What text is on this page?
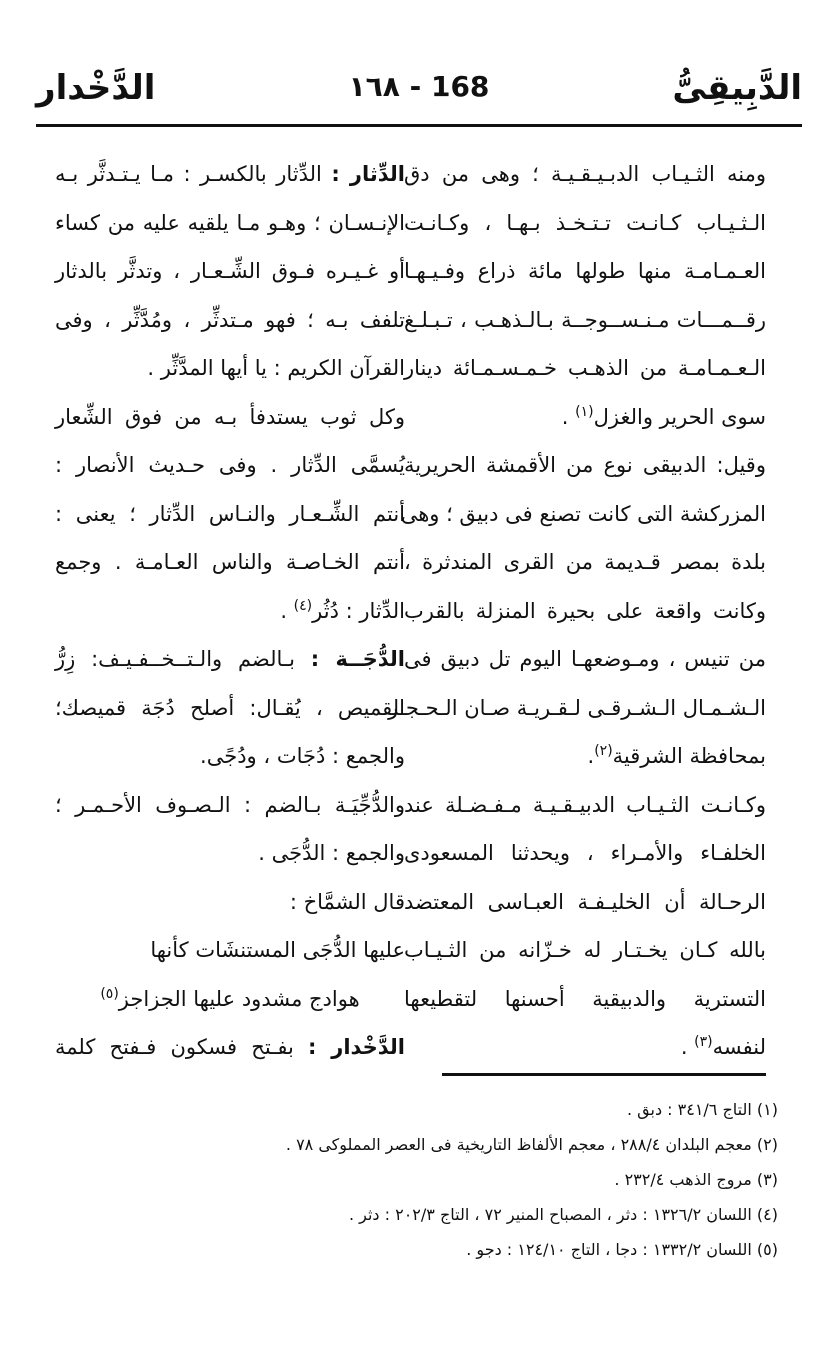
الدَّبِيقِىُّ
١٦٨ - 168
الدَّخْدار
ومنه الثـيـاب الدبـيـقـيـة ؛ وهى من دق
الـثـيـاب كـانـت تـتـخـذ بـهـا ، وكـانـت
العـمـامـة منها طولها مائة ذراع وفـيـهـا
رقــمـــات مـنـســوجــة بـالـذهـب ، تـبـلـغ
الـعـمـامـة من الذهـب خـمـسـمـائة دينار
سوى الحرير والغزل$^{(١)}$ .
وقيل: الدبيقى نوع من الأقمشة الحريرية
المزركشة التى كانت تصنع فى دبيق ؛ وهى
بلدة بمصر قـديمة من القرى المندثرة ،
وكانت واقعة على بحيرة المنزلة بالقرب
من تنيس ، ومـوضعهـا اليوم تل دبيق فى
الـشـمـال الـشـرقـى لـقـريـة صـان الـحـجـر
بمحافظة الشرقية$^{(٢)}$.
وكـانـت الثـيـاب الدبيـقـيـة مـفـضـلة عند
الخلفـاء والأمـراء ، ويحدثنا المسعودى
الرحـالة أن الخليـفـة العبـاسى المعتضد
بالله كـان يخـتـار له خـزّانه من الثـيـاب
التسترية والدبيقية أحسنها لتقطيعها
لنفسه$^{(٣)}$ .
الدِّثار : الدِّثار بالكسـر : مـا يـتـدثَّر بـه
الإنـسـان ؛ وهـو مـا يلقيه عليه من كساء
أو غـيـره فـوق الشِّـعـار ، وتدثَّر بالدثار
تلفف بـه ؛ فهو مـتدثِّر ، ومُدَّثِّر ، وفى
القرآن الكريم : يا أيها المدَّثِّر .
وكل ثوب يستدفأ بـه من فوق الشِّعار
يُسمَّى الدِّثار . وفى حـديث الأنصار :
أنتم الشِّـعـار والنـاس الدِّثار ؛ يعنى :
أنتم الخـاصـة والناس العـامـة . وجمع
الدِّثار : دُثُر$^{(٤)}$ .
الدُّجَــة : بـالضم والـتــخــفـيـف: زِرُّ
القميص ، يُقـال: أصلح دُجَة قميصك؛
والجمع : دُجَات ، ودُجًى.
والدُّجِّيَـة بـالضم : الـصـوف الأحـمـر ؛
والجمع : الدُّجَى .
قال الشمَّاخ :
عليها الدُّجَى المستنشَات كأنها
هوادج مشدود عليها الجزاجز$^{(٥)}$
الدَّخْدار : بفـتح فسكون فـفتح كلمة
(١) التاج ٣٤١/٦ : دبق .
(٢) معجم البلدان ٢٨٨/٤ ، معجم الألفاظ التاريخية فى العصر المملوكى ٧٨ .
(٣) مروج الذهب ٢٣٢/٤ .
(٤) اللسان ١٣٢٦/٢ : دثر ، المصباح المنير ٧٢ ، التاج ٢٠٢/٣ : دثر .
(٥) اللسان ١٣٣٢/٢ : دجا ، التاج ١٢٤/١٠ : دجو .
